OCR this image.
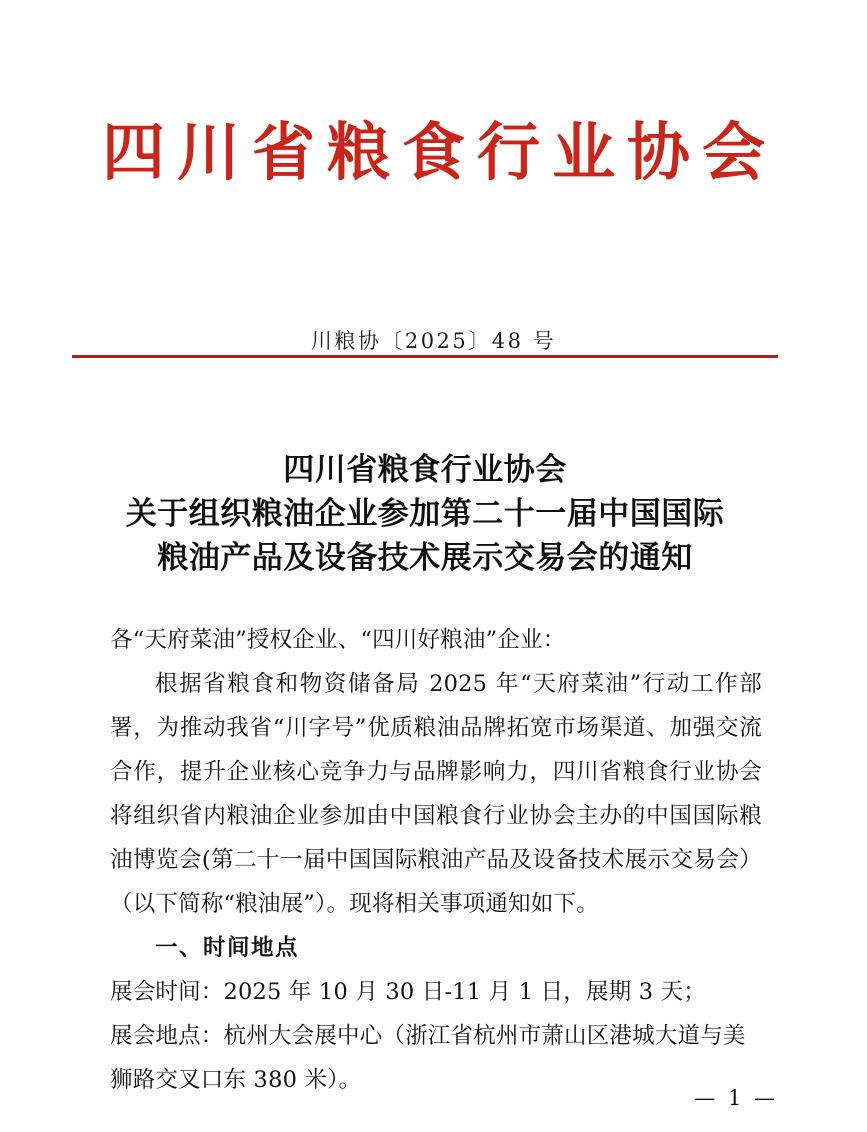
四川省粮食行业协会
川粮协〔2025〕48 号
四川省粮食行业协会
关于组织粮油企业参加第二十一届中国国际
粮油产品及设备技术展示交易会的通知

各“天府菜油”授权企业、“四川好粮油”企业：

根据省粮食和物资储备局 2025 年“天府菜油”行动工作部署，为推动我省“川字号”优质粮油品牌拓宽市场渠道、加强交流合作，提升企业核心竞争力与品牌影响力，四川省粮食行业协会将组织省内粮油企业参加由中国粮食行业协会主办的中国国际粮油博览会(第二十一届中国国际粮油产品及设备技术展示交易会）（以下简称“粮油展”）。现将相关事项通知如下。

一、时间地点

展会时间：2025 年 10 月 30 日-11 月 1 日，展期 3 天；

展会地点：杭州大会展中心（浙江省杭州市萧山区港城大道与美狮路交叉口东 380 米）。

— 1 —
